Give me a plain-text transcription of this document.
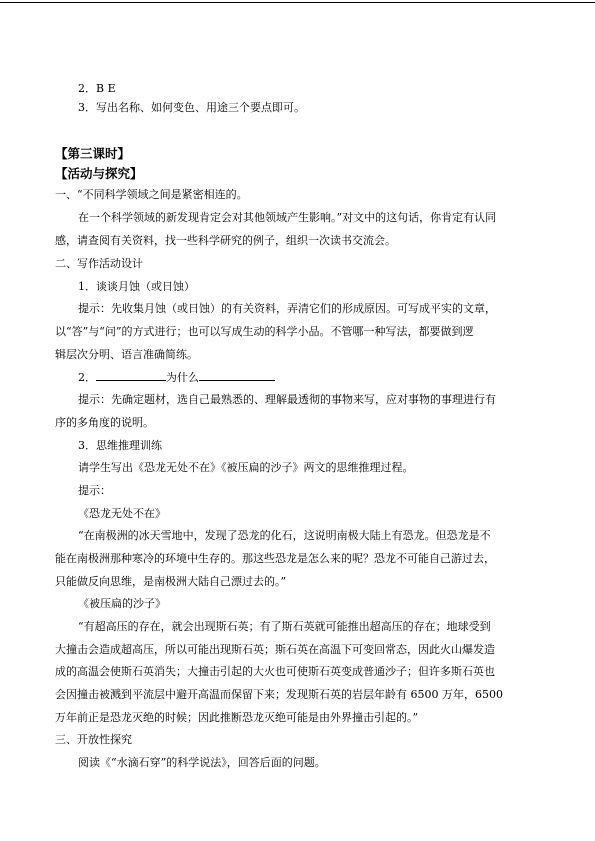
2．B E
3．写出名称、如何变色、用途三个要点即可。
【第三课时】
【活动与探究】
一、“不同科学领域之间是紧密相连的。
在一个科学领域的新发现肯定会对其他领域产生影响。”对文中的这句话，你肯定有认同
感，请查阅有关资料，找一些科学研究的例子，组织一次读书交流会。
二、写作活动设计
1．谈谈月蚀（或日蚀）
提示：先收集月蚀（或日蚀）的有关资料，弄清它们的形成原因。可写成平实的文章，
以“答”与“问”的方式进行；也可以写成生动的科学小品。不管哪一种写法，都要做到逻
辑层次分明、语言准确简练。
2．	为什么
提示：先确定题材，选自己最熟悉的、理解最透彻的事物来写，应对事物的事理进行有
序的多角度的说明。
3．思维推理训练
请学生写出《恐龙无处不在》《被压扁的沙子》两文的思维推理过程。
提示：
《恐龙无处不在》
“在南极洲的冰天雪地中，发现了恐龙的化石，这说明南极大陆上有恐龙。但恐龙是不
能在南极洲那种寒冷的环境中生存的。那这些恐龙是怎么来的呢？恐龙不可能自己游过去，
只能做反向思维，是南极洲大陆自己漂过去的。”
《被压扁的沙子》
“有超高压的存在，就会出现斯石英；有了斯石英就可能推出超高压的存在；地球受到
大撞击会造成超高压，所以可能出现斯石英；斯石英在高温下可变回常态，因此火山爆发造
成的高温会使斯石英消失；大撞击引起的大火也可使斯石英变成普通沙子；但许多斯石英也
会因撞击被溅到平流层中避开高温而保留下来；发现斯石英的岩层年龄有 6500 万年，6500
万年前正是恐龙灭绝的时候；因此推断恐龙灭绝可能是由外界撞击引起的。”
三、开放性探究
阅读《“水滴石穿”的科学说法》，回答后面的问题。
